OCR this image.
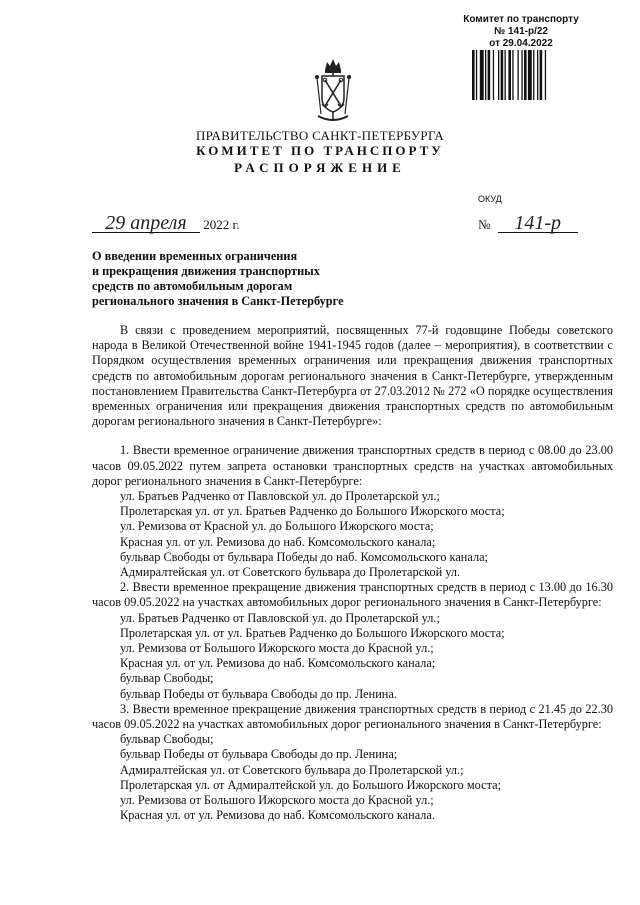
Комитет по транспорту
№ 141-р/22
от 29.04.2022
ПРАВИТЕЛЬСТВО САНКТ-ПЕТЕРБУРГА
КОМИТЕТ ПО ТРАНСПОРТУ
РАСПОРЯЖЕНИЕ
ОКУД
29 апреля 2022 г.	№ 141-р
О введении временных ограничения
и прекращения движения транспортных
средств по автомобильным дорогам
регионального значения в Санкт-Петербурге

В связи с проведением мероприятий, посвященных 77-й годовщине Победы советского народа в Великой Отечественной войне 1941-1945 годов (далее – мероприятия), в соответствии с Порядком осуществления временных ограничения или прекращения движения транспортных средств по автомобильным дорогам регионального значения в Санкт-Петербурге, утвержденным постановлением Правительства Санкт-Петербурга от 27.03.2012 № 272 «О порядке осуществления временных ограничения или прекращения движения транспортных средств по автомобильным дорогам регионального значения в Санкт-Петербурге»:

1. Ввести временное ограничение движения транспортных средств в период с 08.00 до 23.00 часов 09.05.2022 путем запрета остановки транспортных средств на участках автомобильных дорог регионального значения в Санкт-Петербурге:

ул. Братьев Радченко от Павловской ул. до Пролетарской ул.;

Пролетарская ул. от ул. Братьев Радченко до Большого Ижорского моста;

ул. Ремизова от Красной ул. до Большого Ижорского моста;

Красная ул. от ул. Ремизова до наб. Комсомольского канала;

бульвар Свободы от бульвара Победы до наб. Комсомольского канала;

Адмиралтейская ул. от Советского бульвара до Пролетарской ул.

2. Ввести временное прекращение движения транспортных средств в период с 13.00 до 16.30 часов 09.05.2022 на участках автомобильных дорог регионального значения в Санкт-Петербурге:

ул. Братьев Радченко от Павловской ул. до Пролетарской ул.;

Пролетарская ул. от ул. Братьев Радченко до Большого Ижорского моста;

ул. Ремизова от Большого Ижорского моста до Красной ул.;

Красная ул. от ул. Ремизова до наб. Комсомольского канала;

бульвар Свободы;

бульвар Победы от бульвара Свободы до пр. Ленина.

3. Ввести временное прекращение движения транспортных средств в период с 21.45 до 22.30 часов 09.05.2022 на участках автомобильных дорог регионального значения в Санкт-Петербурге:

бульвар Свободы;

бульвар Победы от бульвара Свободы до пр. Ленина;

Адмиралтейская ул. от Советского бульвара до Пролетарской ул.;

Пролетарская ул. от Адмиралтейской ул. до Большого Ижорского моста;

ул. Ремизова от Большого Ижорского моста до Красной ул.;

Красная ул. от ул. Ремизова до наб. Комсомольского канала.
